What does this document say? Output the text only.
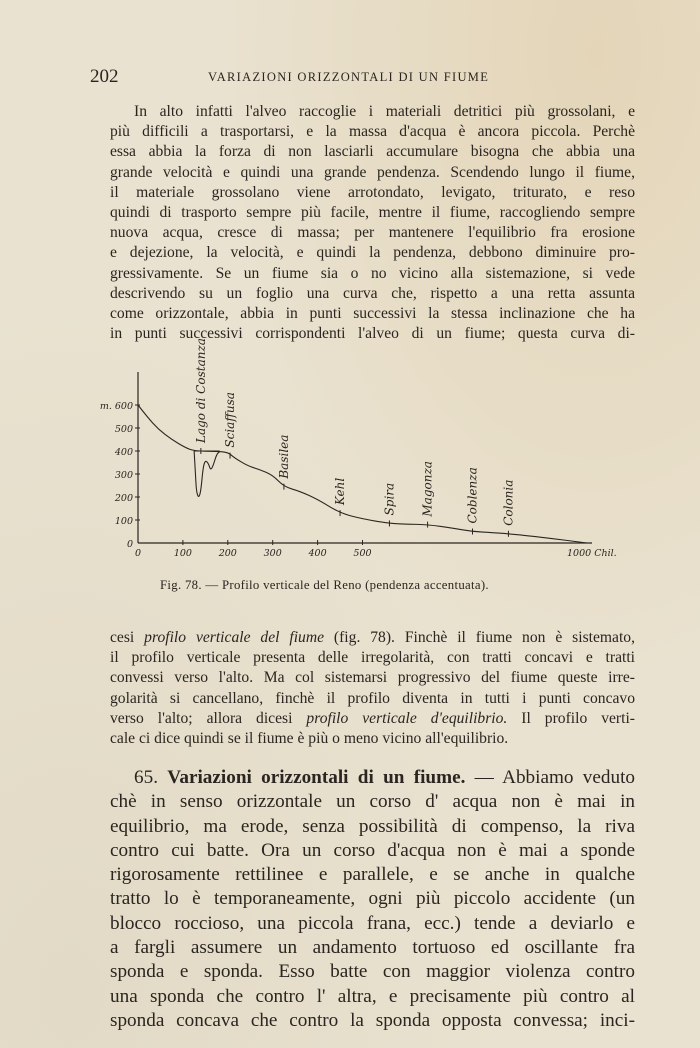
202	VARIAZIONI ORIZZONTALI DI UN FIUME
In alto infatti l'alveo raccoglie i materiali detritici più grossolani, e
più difficili a trasportarsi, e la massa d'acqua è ancora piccola. Perchè
essa abbia la forza di non lasciarli accumulare bisogna che abbia una
grande velocità e quindi una grande pendenza. Scendendo lungo il fiume,
il materiale grossolano viene arrotondato, levigato, triturato, e reso
quindi di trasporto sempre più facile, mentre il fiume, raccogliendo sempre
nuova acqua, cresce di massa; per mantenere l'equilibrio fra erosione
e dejezione, la velocità, e quindi la pendenza, debbono diminuire pro-
gressivamente. Se un fiume sia o no vicino alla sistemazione, si vede
descrivendo su un foglio una curva che, rispetto a una retta assunta
come orizzontale, abbia in punti successivi la stessa inclinazione che ha
in punti successivi corrispondenti l'alveo di un fiume; questa curva di-
0
100
200
300
400
500
m. 600
0	100	200	300	400	500	1000 Chil.
Lago di Costanza Sciaffusa
Basilea
Kehl	Spira Magonza	Coblenza Colonia
Fig. 78. — Profilo verticale del Reno (pendenza accentuata).
cesi profilo verticale del fiume (fig. 78). Finchè il fiume non è sistemato,
il profilo verticale presenta delle irregolarità, con tratti concavi e tratti
convessi verso l'alto. Ma col sistemarsi progressivo del fiume queste irre-
golarità si cancellano, finchè il profilo diventa in tutti i punti concavo
verso l'alto; allora dicesi profilo verticale d'equilibrio. Il profilo verti-
cale ci dice quindi se il fiume è più o meno vicino all'equilibrio.
65. Variazioni orizzontali di un fiume. — Abbiamo veduto
chè in senso orizzontale un corso d' acqua non è mai in
equilibrio, ma erode, senza possibilità di compenso, la riva
contro cui batte. Ora un corso d'acqua non è mai a sponde
rigorosamente rettilinee e parallele, e se anche in qualche
tratto lo è temporaneamente, ogni più piccolo accidente (un
blocco roccioso, una piccola frana, ecc.) tende a deviarlo e
a fargli assumere un andamento tortuoso ed oscillante fra
sponda e sponda. Esso batte con maggior violenza contro
una sponda che contro l' altra, e precisamente più contro al
sponda concava che contro la sponda opposta convessa; inci-
